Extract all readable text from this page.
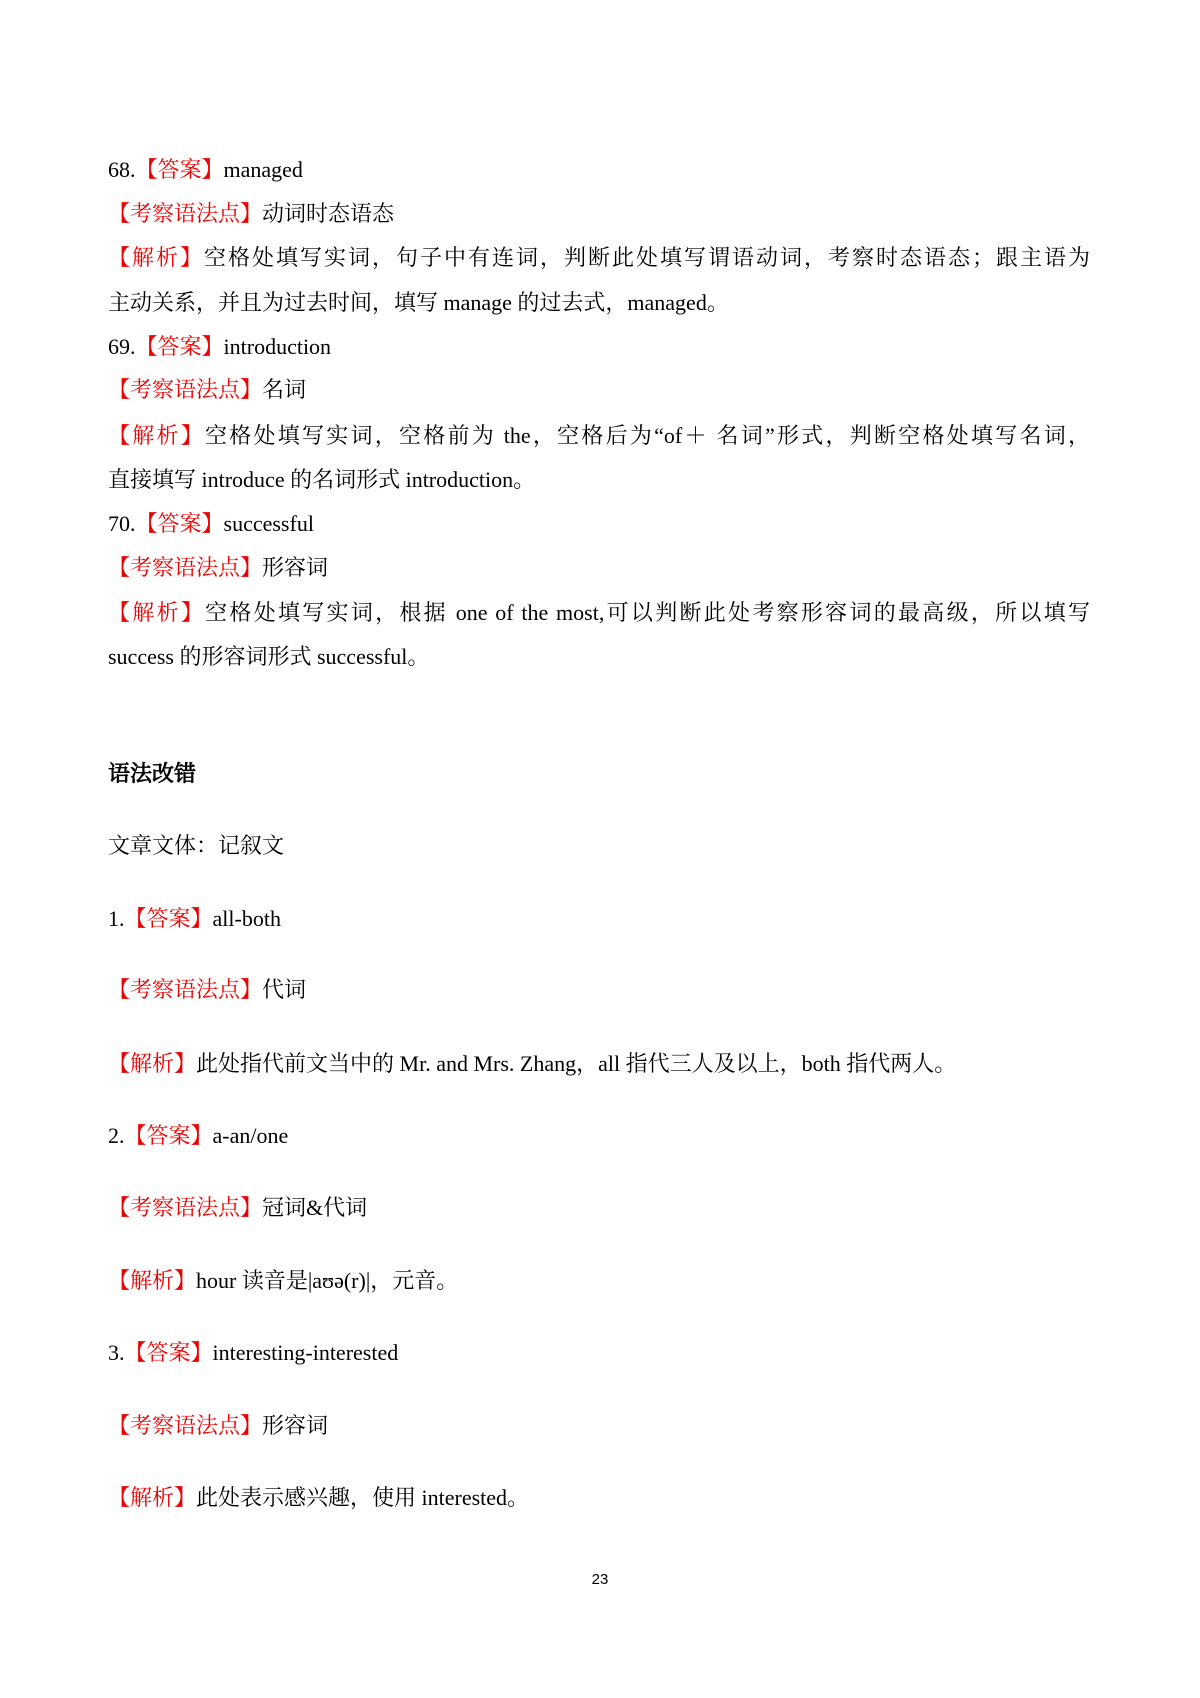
68.【答案】managed
【考察语法点】动词时态语态
【解析】空格处填写实词，句子中有连词，判断此处填写谓语动词，考察时态语态；跟主语为
主动关系，并且为过去时间，填写 manage 的过去式，managed。
69.【答案】introduction
【考察语法点】名词
【解析】空格处填写实词，空格前为 the，空格后为“of＋ 名词”形式，判断空格处填写名词，
直接填写 introduce 的名词形式 introduction。
70.【答案】successful
【考察语法点】形容词
【解析】空格处填写实词，根据 one of the most,可以判断此处考察形容词的最高级，所以填写
success 的形容词形式 successful。
语法改错
文章文体：记叙文
1.【答案】all-both
【考察语法点】代词
【解析】此处指代前文当中的 Mr. and Mrs. Zhang，all 指代三人及以上，both 指代两人。
2.【答案】a-an/one
【考察语法点】冠词&代词
【解析】hour 读音是|aʊə(r)|，元音。
3.【答案】interesting-interested
【考察语法点】形容词
【解析】此处表示感兴趣，使用 interested。
23
